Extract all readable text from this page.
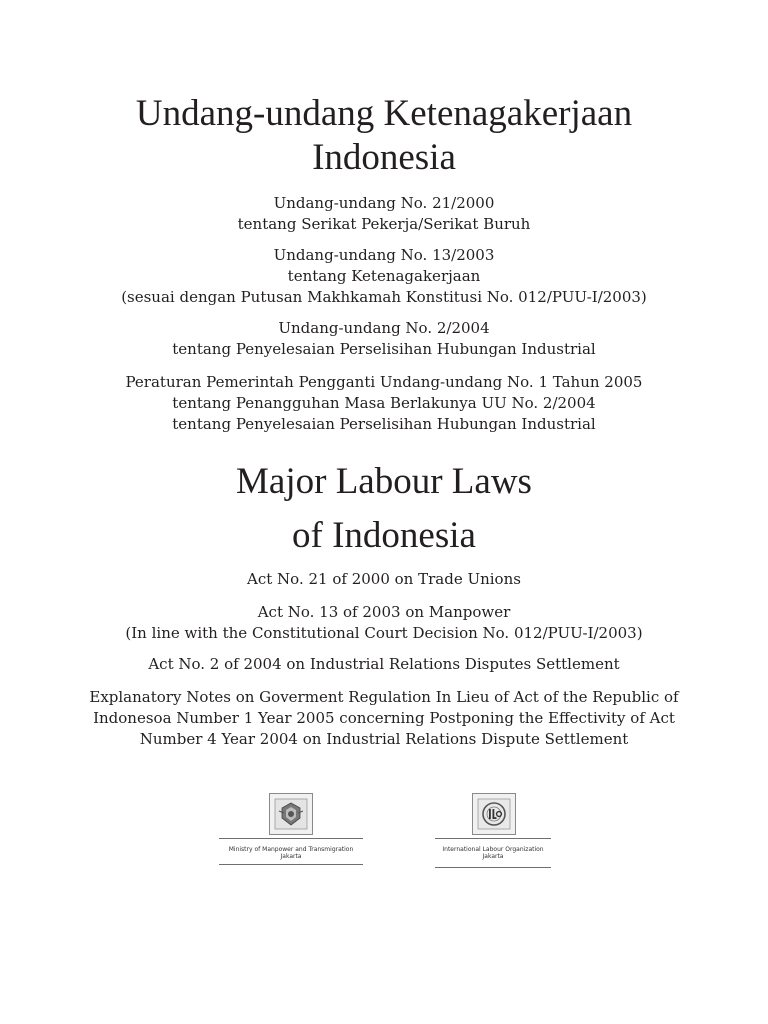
Undang-undang Ketenagakerjaan
Indonesia
Undang-undang No. 21/2000
tentang Serikat Pekerja/Serikat Buruh
Undang-undang No. 13/2003
tentang Ketenagakerjaan
(sesuai dengan Putusan Makhkamah Konstitusi No. 012/PUU-I/2003)
Undang-undang No. 2/2004
tentang Penyelesaian Perselisihan Hubungan Industrial
Peraturan Pemerintah Pengganti Undang-undang No. 1 Tahun 2005
tentang Penangguhan Masa Berlakunya UU No. 2/2004
tentang Penyelesaian Perselisihan Hubungan Industrial
Major Labour Laws
of Indonesia
Act No. 21 of 2000 on Trade Unions
Act No. 13 of 2003 on Manpower
(In line with the Constitutional Court Decision No. 012/PUU-I/2003)
Act No. 2 of 2004 on Industrial Relations Disputes Settlement
Explanatory Notes on Goverment Regulation In Lieu of Act of the Republic of
Indonesoa Number 1 Year 2005 concerning Postponing the Effectivity of Act
Number 4 Year 2004 on Industrial Relations Dispute Settlement
Ministry of Manpower and Transmigration
Jakarta
International Labour Organization
Jakarta
